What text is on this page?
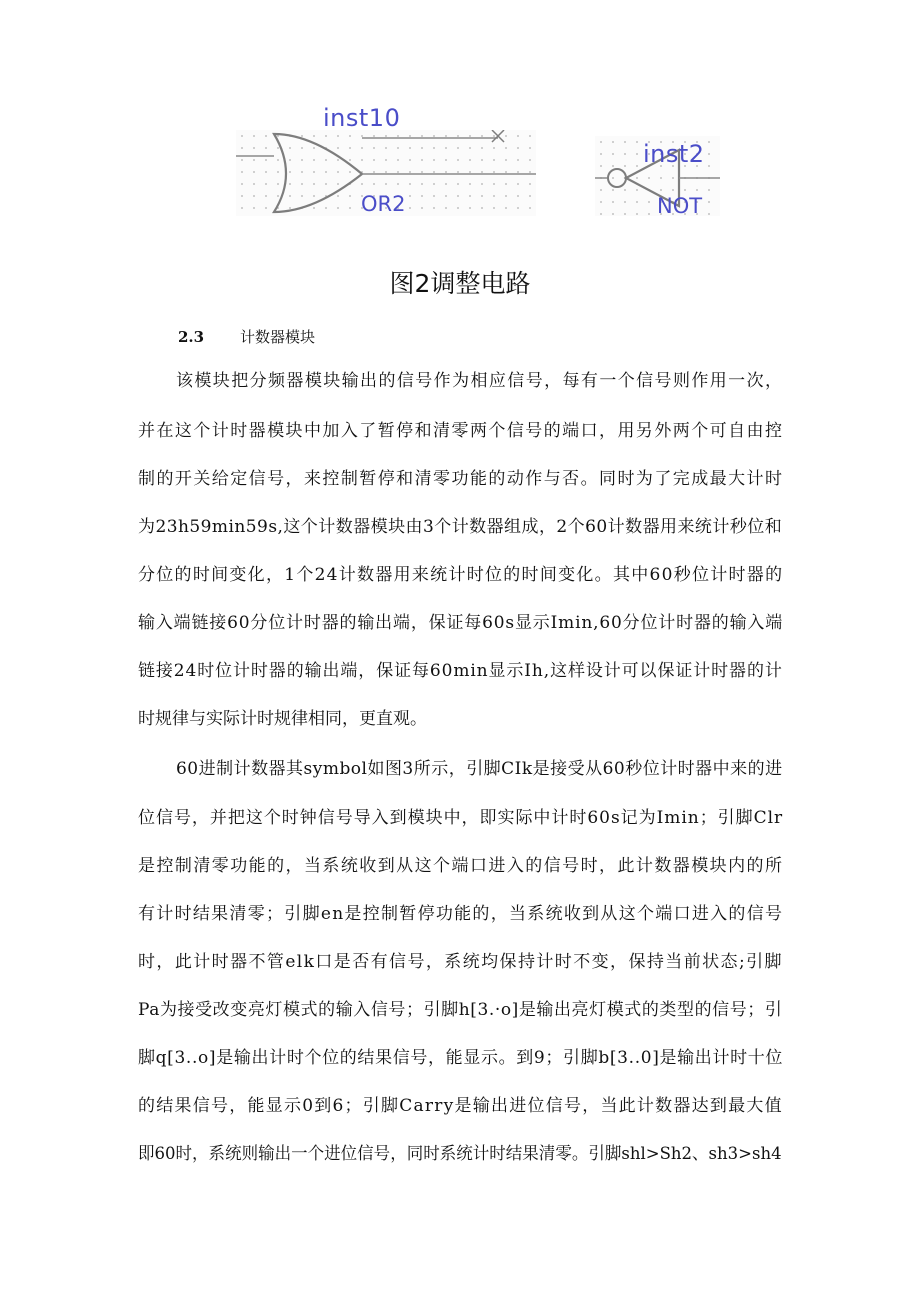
inst10
OR2
inst2
NOT
图2调整电路
2.3 计数器模块
该模块把分频器模块输出的信号作为相应信号，每有一个信号则作用一次，
并在这个计时器模块中加入了暂停和清零两个信号的端口，用另外两个可自由控
制的开关给定信号，来控制暂停和清零功能的动作与否。同时为了完成最大计时
为23h59min59s,这个计数器模块由3个计数器组成，2个60计数器用来统计秒位和
分位的时间变化，1个24计数器用来统计时位的时间变化。其中60秒位计时器的
输入端链接60分位计时器的输出端，保证每60s显示Imin,60分位计时器的输入端
链接24时位计时器的输出端，保证每60min显示Ih,这样设计可以保证计时器的计
时规律与实际计时规律相同，更直观。
60进制计数器其symbol如图3所示，引脚CIk是接受从60秒位计时器中来的进
位信号，并把这个时钟信号导入到模块中，即实际中计时60s记为Imin；引脚Clr
是控制清零功能的，当系统收到从这个端口进入的信号时，此计数器模块内的所
有计时结果清零；引脚en是控制暂停功能的，当系统收到从这个端口进入的信号
时，此计时器不管elk口是否有信号，系统均保持计时不变，保持当前状态;引脚
Pa为接受改变亮灯模式的输入信号；引脚h[3.·o]是输出亮灯模式的类型的信号；引
脚q[3..o]是输出计时个位的结果信号，能显示。到9；引脚b[3..0]是输出计时十位
的结果信号，能显示0到6；引脚Carry是输出进位信号，当此计数器达到最大值
即60时，系统则输出一个进位信号，同时系统计时结果清零。引脚shl>Sh2、sh3>sh4
